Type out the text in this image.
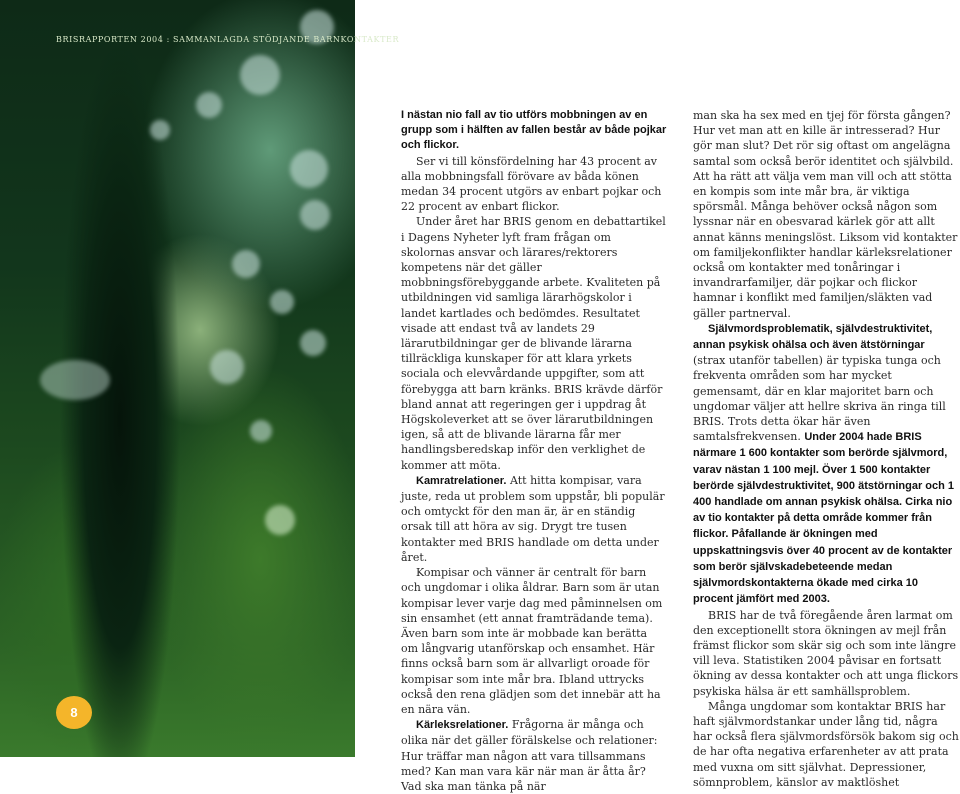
BRISRAPPORTEN 2004 : SAMMANLAGDA STÖDJANDE BARNKONTAKTER
8

I nästan nio fall av tio utförs mobbningen av en grupp som i hälften av fallen består av både pojkar och flickor.

Ser vi till könsfördelning har 43 procent av alla mobbningsfall förövare av båda könen medan 34 procent utgörs av enbart pojkar och 22 procent av enbart flickor.

Under året har BRIS genom en debattartikel i Dagens Nyheter lyft fram frågan om skolornas ansvar och lärares/rektorers kompetens när det gäller mobbningsförebyggande arbete. Kvaliteten på utbildningen vid samliga lärarhögskolor i landet kartlades och bedömdes. Resultatet visade att endast två av landets 29 lärarutbildningar ger de blivande lärarna tillräckliga kunskaper för att klara yrkets sociala och elevvårdande uppgifter, som att förebygga att barn kränks. BRIS krävde därför bland annat att regeringen ger i uppdrag åt Högskoleverket att se över lärarutbildningen igen, så att de blivande lärarna får mer handlingsberedskap inför den verklighet de kommer att möta.

Kamratrelationer. Att hitta kompisar, vara juste, reda ut problem som uppstår, bli populär och omtyckt för den man är, är en ständig orsak till att höra av sig. Drygt tre tusen kontakter med BRIS handlade om detta under året.

Kompisar och vänner är centralt för barn och ungdomar i olika åldrar. Barn som är utan kompisar lever varje dag med påminnelsen om sin ensamhet (ett annat framträdande tema). Även barn som inte är mobbade kan berätta om långvarig utanförskap och ensamhet. Här finns också barn som är allvarligt oroade för kompisar som inte mår bra. Ibland uttrycks också den rena glädjen som det innebär att ha en nära vän.

Kärleksrelationer. Frågorna är många och olika när det gäller förälskelse och relationer: Hur träffar man någon att vara tillsammans med? Kan man vara kär när man är åtta år? Vad ska man tänka på när

man ska ha sex med en tjej för första gången? Hur vet man att en kille är intresserad? Hur gör man slut? Det rör sig oftast om angelägna samtal som också berör identitet och självbild. Att ha rätt att välja vem man vill och att stötta en kompis som inte mår bra, är viktiga spörsmål. Många behöver också någon som lyssnar när en obesvarad kärlek gör att allt annat känns meningslöst. Liksom vid kontakter om familjekonflikter handlar kärleksrelationer också om kontakter med tonåringar i invandrarfamiljer, där pojkar och flickor hamnar i konflikt med familjen/släkten vad gäller partnerval.

Självmordsproblematik, självdestruktivitet, annan psykisk ohälsa och även ätstörningar (strax utanför tabellen) är typiska tunga och frekventa områden som har mycket gemensamt, där en klar majoritet barn och ungdomar väljer att hellre skriva än ringa till BRIS. Trots detta ökar här även samtalsfrekvensen. Under 2004 hade BRIS närmare 1 600 kontakter som berörde självmord, varav nästan 1 100 mejl. Över 1 500 kontakter berörde självdestruktivitet, 900 ätstörningar och 1 400 handlade om annan psykisk ohälsa. Cirka nio av tio kontakter på detta område kommer från flickor. Påfallande är ökningen med uppskattningsvis över 40 procent av de kontakter som berör självskadebeteende medan självmordskontakterna ökade med cirka 10 procent jämfört med 2003.

BRIS har de två föregående åren larmat om den exceptionellt stora ökningen av mejl från främst flickor som skär sig och som inte längre vill leva. Statistiken 2004 påvisar en fortsatt ökning av dessa kontakter och att unga flickors psykiska hälsa är ett samhällsproblem.

Många ungdomar som kontaktar BRIS har haft självmordstankar under lång tid, några har också flera självmordsförsök bakom sig och de har ofta negativa erfarenheter av att prata med vuxna om sitt självhat. Depressioner, sömnproblem, känslor av maktlöshet
